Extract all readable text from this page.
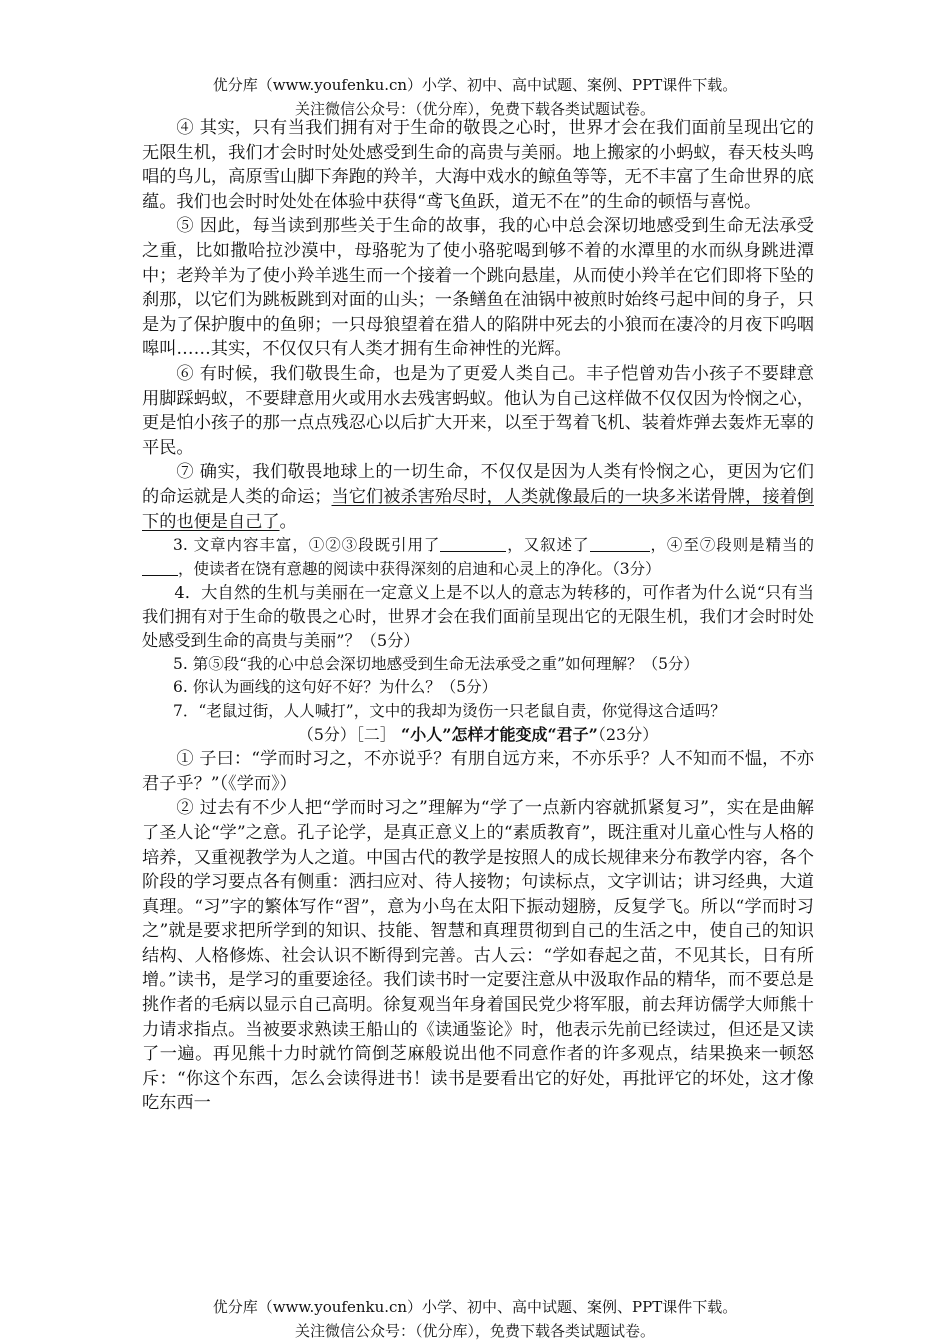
优分库（www.youfenku.cn）小学、初中、高中试题、案例、PPT课件下载。
关注微信公众号：（优分库），免费下载各类试题试卷。

④ 其实，只有当我们拥有对于生命的敬畏之心时，世界才会在我们面前呈现出它的无限生机，我们才会时时处处感受到生命的高贵与美丽。地上搬家的小蚂蚁，春天枝头鸣唱的鸟儿，高原雪山脚下奔跑的羚羊，大海中戏水的鲸鱼等等，无不丰富了生命世界的底蕴。我们也会时时处处在体验中获得“鸢飞鱼跃，道无不在”的生命的顿悟与喜悦。

⑤ 因此，每当读到那些关于生命的故事，我的心中总会深切地感受到生命无法承受之重，比如撒哈拉沙漠中，母骆驼为了使小骆驼喝到够不着的水潭里的水而纵身跳进潭中；老羚羊为了使小羚羊逃生而一个接着一个跳向悬崖，从而使小羚羊在它们即将下坠的刹那，以它们为跳板跳到对面的山头；一条鳝鱼在油锅中被煎时始终弓起中间的身子，只是为了保护腹中的鱼卵；一只母狼望着在猎人的陷阱中死去的小狼而在凄冷的月夜下呜咽嗥叫……其实，不仅仅只有人类才拥有生命神性的光辉。

⑥ 有时候，我们敬畏生命，也是为了更爱人类自己。丰子恺曾劝告小孩子不要肆意用脚踩蚂蚁，不要肆意用火或用水去残害蚂蚁。他认为自己这样做不仅仅因为怜悯之心，更是怕小孩子的那一点点残忍心以后扩大开来，以至于驾着飞机、装着炸弹去轰炸无辜的平民。

⑦ 确实，我们敬畏地球上的一切生命，不仅仅是因为人类有怜悯之心，更因为它们的命运就是人类的命运；当它们被杀害殆尽时，人类就像最后的一块多米诺骨牌，接着倒下的也便是自己了。

3. 文章内容丰富，①②③段既引用了	，又叙述了	，④至⑦段则是精当的，使读者在饶有意趣的阅读中获得深刻的启迪和心灵上的净化。（3分）

4．大自然的生机与美丽在一定意义上是不以人的意志为转移的，可作者为什么说“只有当我们拥有对于生命的敬畏之心时，世界才会在我们面前呈现出它的无限生机，我们才会时时处处感受到生命的高贵与美丽”？（5分）

5. 第⑤段“我的心中总会深切地感受到生命无法承受之重”如何理解？（5分）

6. 你认为画线的这句好不好？为什么？（5分）

7．“老鼠过街，人人喊打”，文中的我却为烫伤一只老鼠自责，你觉得这合适吗？

（5分）［二］ “小人”怎样才能变成“君子”（23分）

① 子曰：“学而时习之，不亦说乎？有朋自远方来，不亦乐乎？人不知而不愠，不亦君子乎？”（《学而》）

② 过去有不少人把“学而时习之”理解为“学了一点新内容就抓紧复习”，实在是曲解了圣人论“学”之意。孔子论学，是真正意义上的“素质教育”，既注重对儿童心性与人格的培养，又重视教学为人之道。中国古代的教学是按照人的成长规律来分布教学内容，各个阶段的学习要点各有侧重：洒扫应对、待人接物；句读标点，文字训诂；讲习经典，大道真理。“习”字的繁体写作“習”，意为小鸟在太阳下振动翅膀，反复学飞。所以“学而时习之”就是要求把所学到的知识、技能、智慧和真理贯彻到自己的生活之中，使自己的知识结构、人格修炼、社会认识不断得到完善。古人云：“学如春起之苗，不见其长，日有所增。”读书，是学习的重要途径。我们读书时一定要注意从中汲取作品的精华，而不要总是挑作者的毛病以显示自己高明。徐复观当年身着国民党少将军服，前去拜访儒学大师熊十力请求指点。当被要求熟读王船山的《读通鉴论》时，他表示先前已经读过，但还是又读了一遍。再见熊十力时就竹筒倒芝麻般说出他不同意作者的许多观点，结果换来一顿怒斥：“你这个东西，怎么会读得进书！读书是要看出它的好处，再批评它的坏处，这才像吃东西一

优分库（www.youfenku.cn）小学、初中、高中试题、案例、PPT课件下载。
关注微信公众号：（优分库），免费下载各类试题试卷。
